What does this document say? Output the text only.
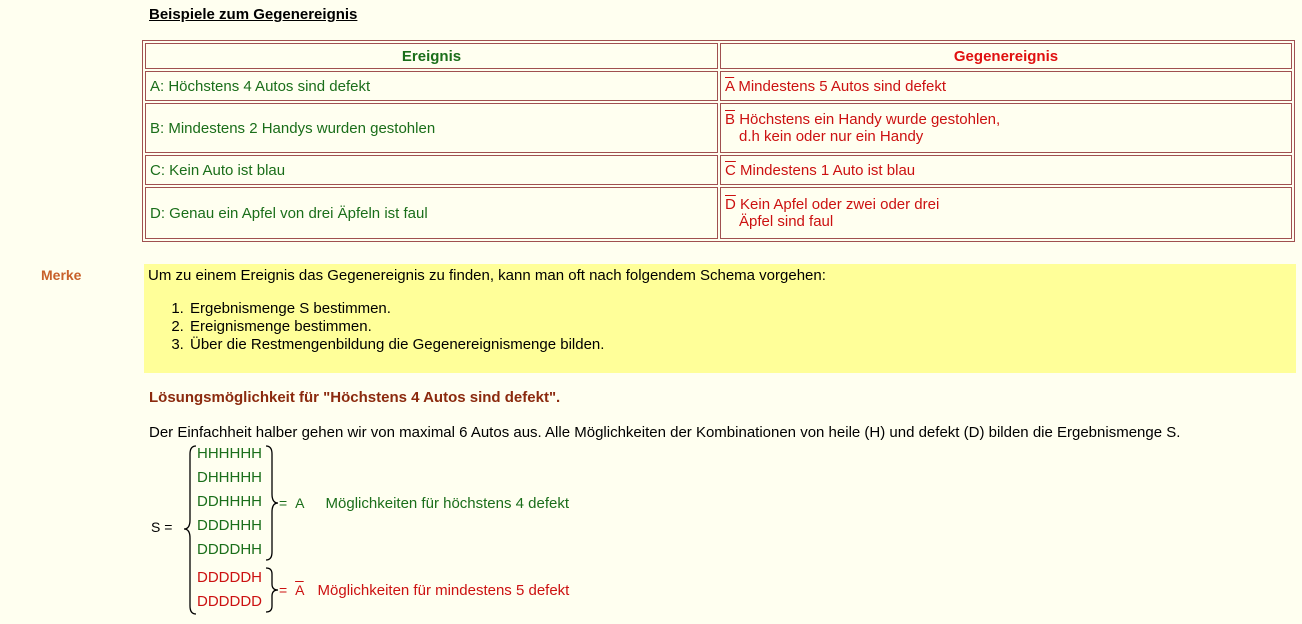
Beispiele zum Gegenereignis
Ereignis	Gegenereignis
A: Höchstens 4 Autos sind defekt	$\overline{A}$ Mindestens 5 Autos sind defekt
B: Mindestens 2 Handys wurden gestohlen	$\overline{B}$ Höchstens ein Handy wurde gestohlen,
d.h kein oder nur ein Handy
C: Kein Auto ist blau	$\overline{C}$ Mindestens 1 Auto ist blau
D: Genau ein Apfel von drei Äpfeln ist faul	$\overline{D}$ Kein Apfel oder zwei oder drei
Äpfel sind faul
Merke	Um zu einem Ereignis das Gegenereignis zu finden, kann man oft nach folgendem Schema vorgehen:
1. Ergebnismenge S bestimmen.
2. Ereignismenge bestimmen.
3. Über die Restmengenbildung die Gegenereignismenge bilden.
Lösungsmöglichkeit für "Höchstens 4 Autos sind defekt".
Der Einfachheit halber gehen wir von maximal 6 Autos aus. Alle Möglichkeiten der Kombinationen von heile (H) und defekt (D) bilden die Ergebnismenge S.
S =
HHHHHH
DHHHHH
DDHHHH
DDDHHH
DDDDHH
= A Möglichkeiten für höchstens 4 defekt
DDDDDH
DDDDDD
= $\overline{A}$ Möglichkeiten für mindestens 5 defekt
